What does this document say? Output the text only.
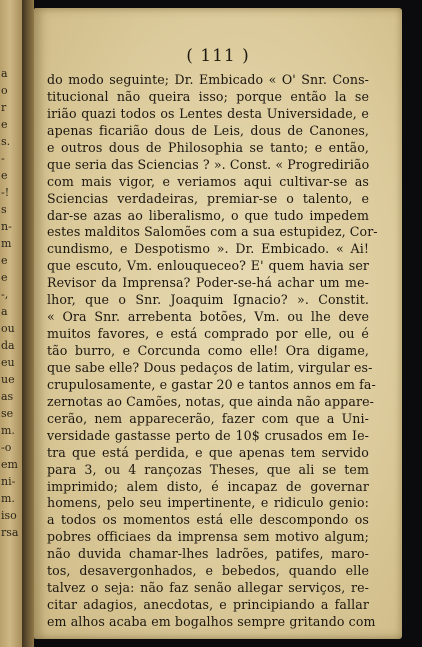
a
o
r
e
s.
-
e
-!
s
n-
m
e
e
-,
a
ou
da
eu
ue
as
se
m.
-o
em
ni-
m.
iso
rsa
( 111 )
do modo seguinte; Dr. Embicado « O' Snr. Cons-
titucional não queira isso; porque então la se
irião quazi todos os Lentes desta Universidade, e
apenas ficarião dous de Leis, dous de Canones,
e outros dous de Philosophia se tanto; e então,
que seria das Sciencias ? ». Const. « Progredirião
com mais vigor, e veriamos aqui cultivar-se as
Sciencias verdadeiras, premiar-se o talento, e
dar-se azas ao liberalismo, o que tudo impedem
estes malditos Salomões com a sua estupidez, Cor-
cundismo, e Despotismo ». Dr. Embicado. « Ai!
que escuto, Vm. enlouqueceo? E' quem havia ser
Revisor da Imprensa? Poder-se-há achar um me-
lhor, que o Snr. Joaquim Ignacio? ». Constit.
« Ora Snr. arrebenta botões, Vm. ou lhe deve
muitos favores, e está comprado por elle, ou é
tão burro, e Corcunda como elle! Ora digame,
que sabe elle? Dous pedaços de latim, virgular es-
crupulosamente, e gastar 20 e tantos annos em fa-
zernotas ao Camões, notas, que ainda não appare-
cerão, nem apparecerão, fazer com que a Uni-
versidade gastasse perto de 10$ crusados em Ie-
tra que está perdida, e que apenas tem servido
para 3, ou 4 rançozas Theses, que ali se tem
imprimido; alem disto, é incapaz de governar
homens, pelo seu impertinente, e ridiculo genio:
a todos os momentos está elle descompondo os
pobres officiaes da imprensa sem motivo algum;
não duvida chamar-lhes ladrões, patifes, maro-
tos, desavergonhados, e bebedos, quando elle
talvez o seja: não faz senão allegar serviços, re-
citar adagios, anecdotas, e principiando a fallar
em alhos acaba em bogalhos sempre gritando com
